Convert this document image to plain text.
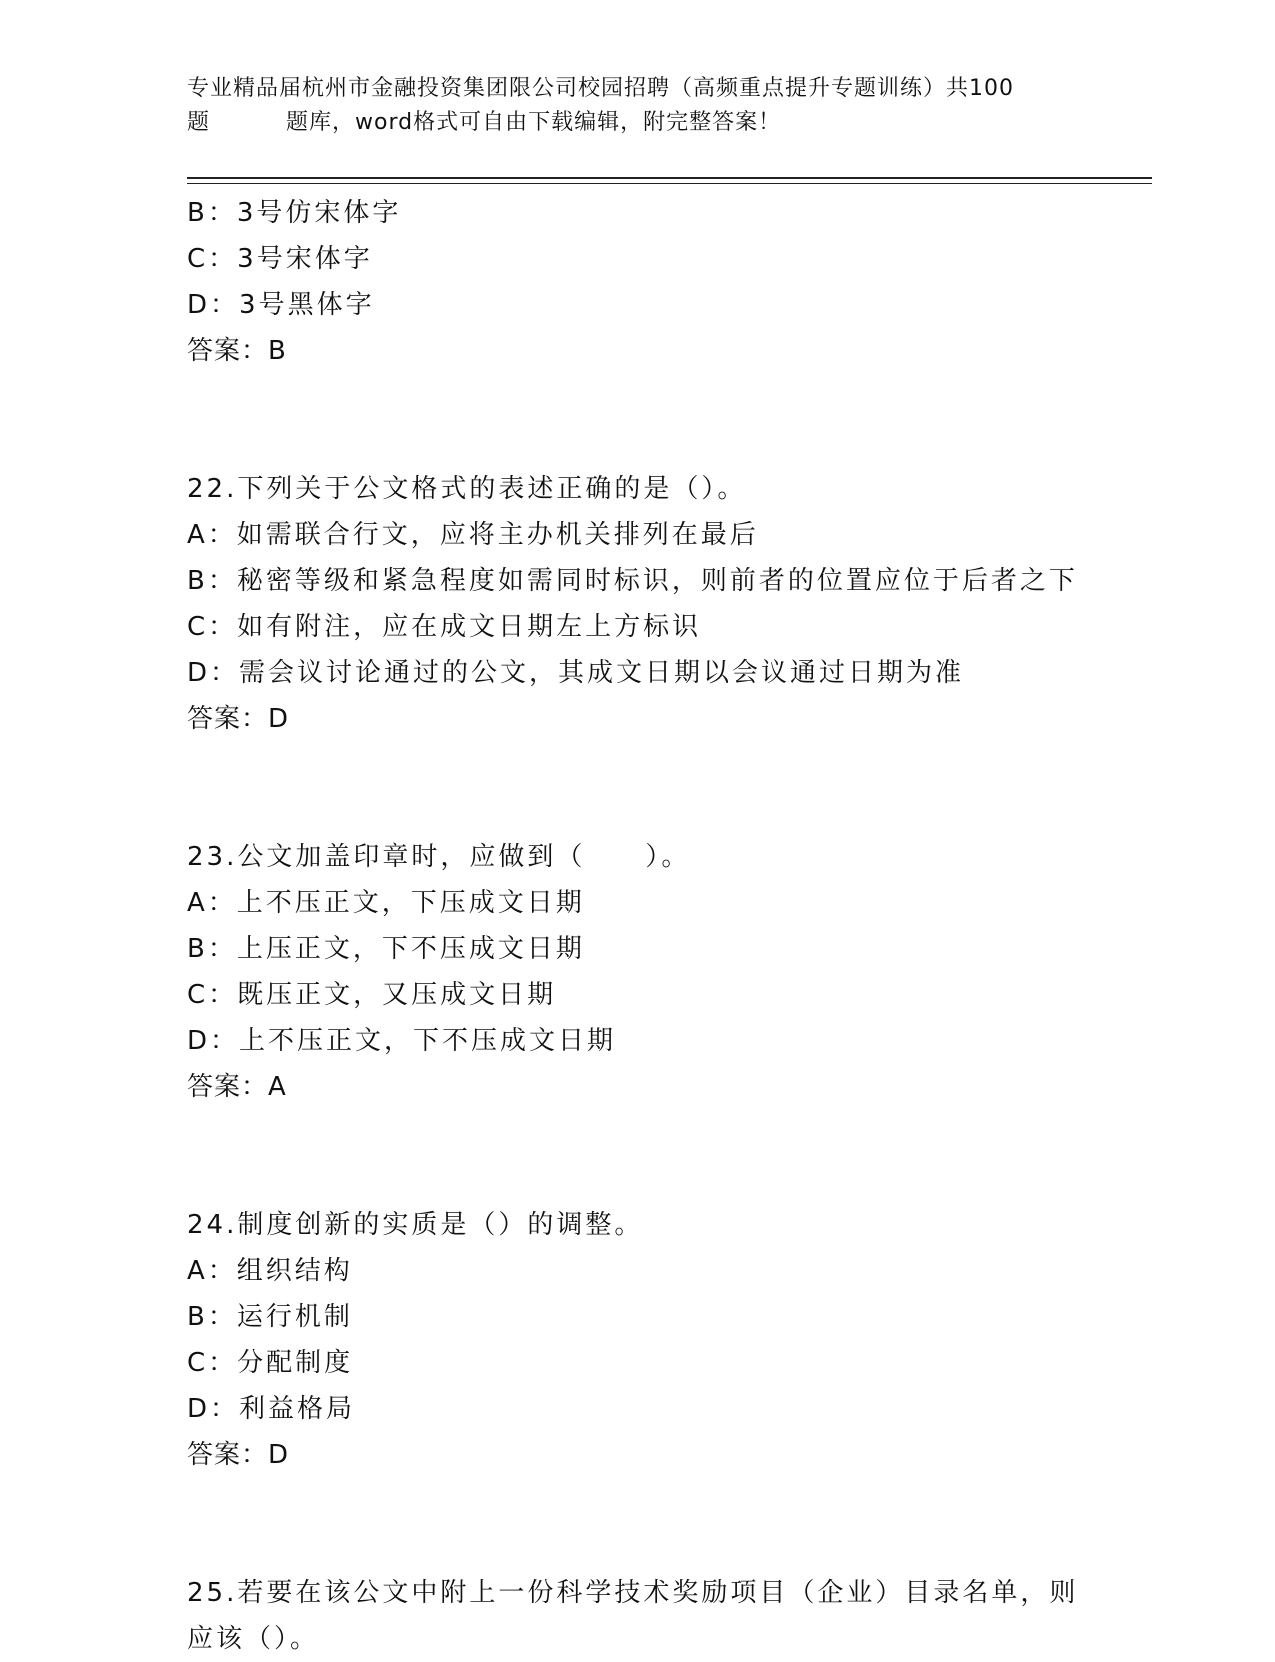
专业精品届杭州市金融投资集团限公司校园招聘（高频重点提升专题训练）共100
题	题库，word格式可自由下载编辑，附完整答案！
B：3号仿宋体字
C：3号宋体字
D：3号黑体字
答案：B
22.下列关于公文格式的表述正确的是（）。
A：如需联合行文，应将主办机关排列在最后
B：秘密等级和紧急程度如需同时标识，则前者的位置应位于后者之下
C：如有附注，应在成文日期左上方标识
D：需会议讨论通过的公文，其成文日期以会议通过日期为准
答案：D
23.公文加盖印章时，应做到（ ）。
A：上不压正文，下压成文日期
B：上压正文，下不压成文日期
C：既压正文，又压成文日期
D：上不压正文，下不压成文日期
答案：A
24.制度创新的实质是（）的调整。
A：组织结构
B：运行机制
C：分配制度
D：利益格局
答案：D
25.若要在该公文中附上一份科学技术奖励项目（企业）目录名单，则
应该（）。
